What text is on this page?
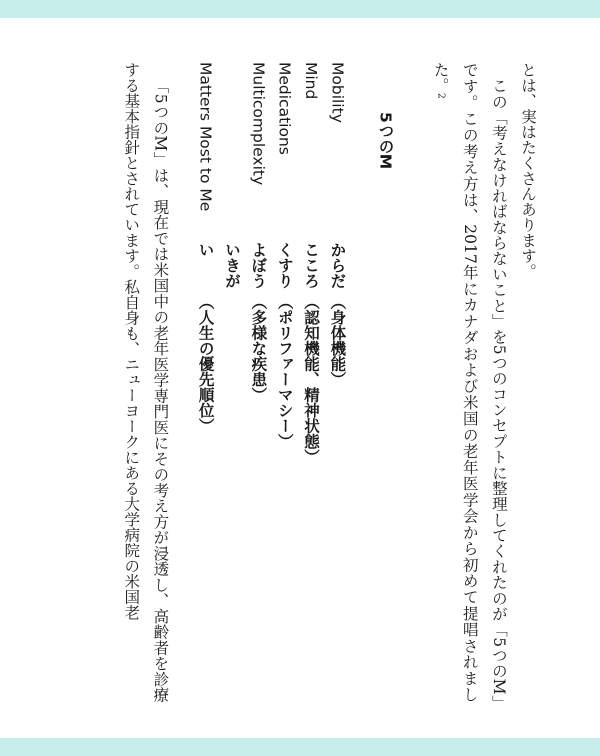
とは、実はたくさんあります。

この「考えなければならないこと」を5つのコンセプトに整理してくれたのが「5つのM」です。この考え方は、2017年にカナダおよび米国の老年医学会から初めて提唱されました。2

5つのM

Mobilityからだ（身体機能）

Mindこころ（認知機能、精神状態）

Medicationsくすり（ポリファーマシー）

Multicomplexityよぼう（多様な疾患）

Matters Most to Meいきがい（人生の優先順位）

「5つのM」は、現在では米国中の老年医学専門医にその考え方が浸透し、高齢者を診療する基本指針とされています。私自身も、ニューヨークにある大学病院の米国老
